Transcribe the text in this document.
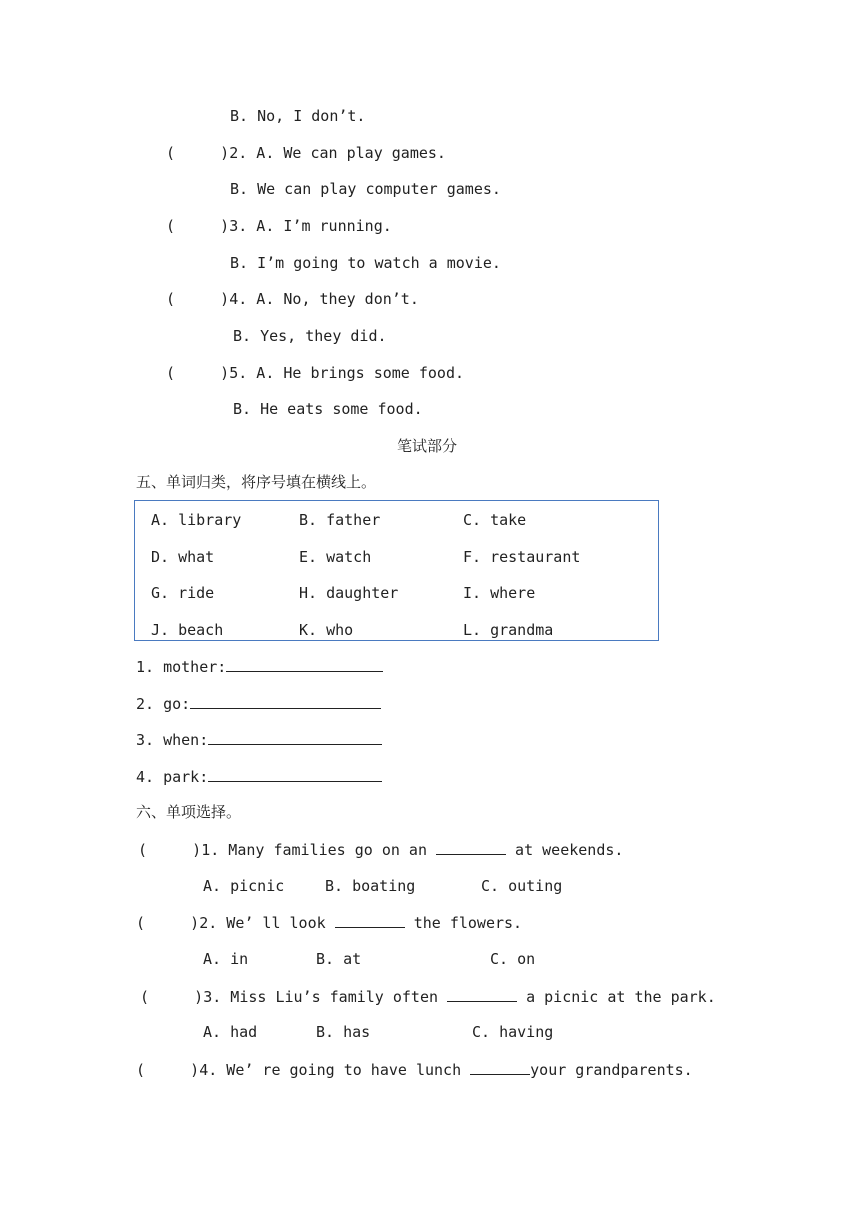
B. No, I don’t.
(     )2. A. We can play games.
B. We can play computer games.
(     )3. A. I’m running.
B. I’m going to watch a movie.
(     )4. A. No, they don’t.
B. Yes, they did.
(     )5. A. He brings some food.
B. He eats some food.
笔试部分
五、单词归类，将序号填在横线上。
A. library	B. father	C. take
D. what	E. watch	F. restaurant
G. ride	H. daughter	I. where
J. beach	K. who	L. grandma
1. mother:
2. go:
3. when:
4. park:
六、单项选择。
(     )1. Many families go on an	at weekends.
A. picnic	B. boating	C. outing
(     )2. We’ ll look	the flowers.
A. in	B. at	C. on
(     )3. Miss Liu’s family often	a picnic at the park.
A. had	B. has	C. having
(     )4. We’ re going to have lunch	your grandparents.
